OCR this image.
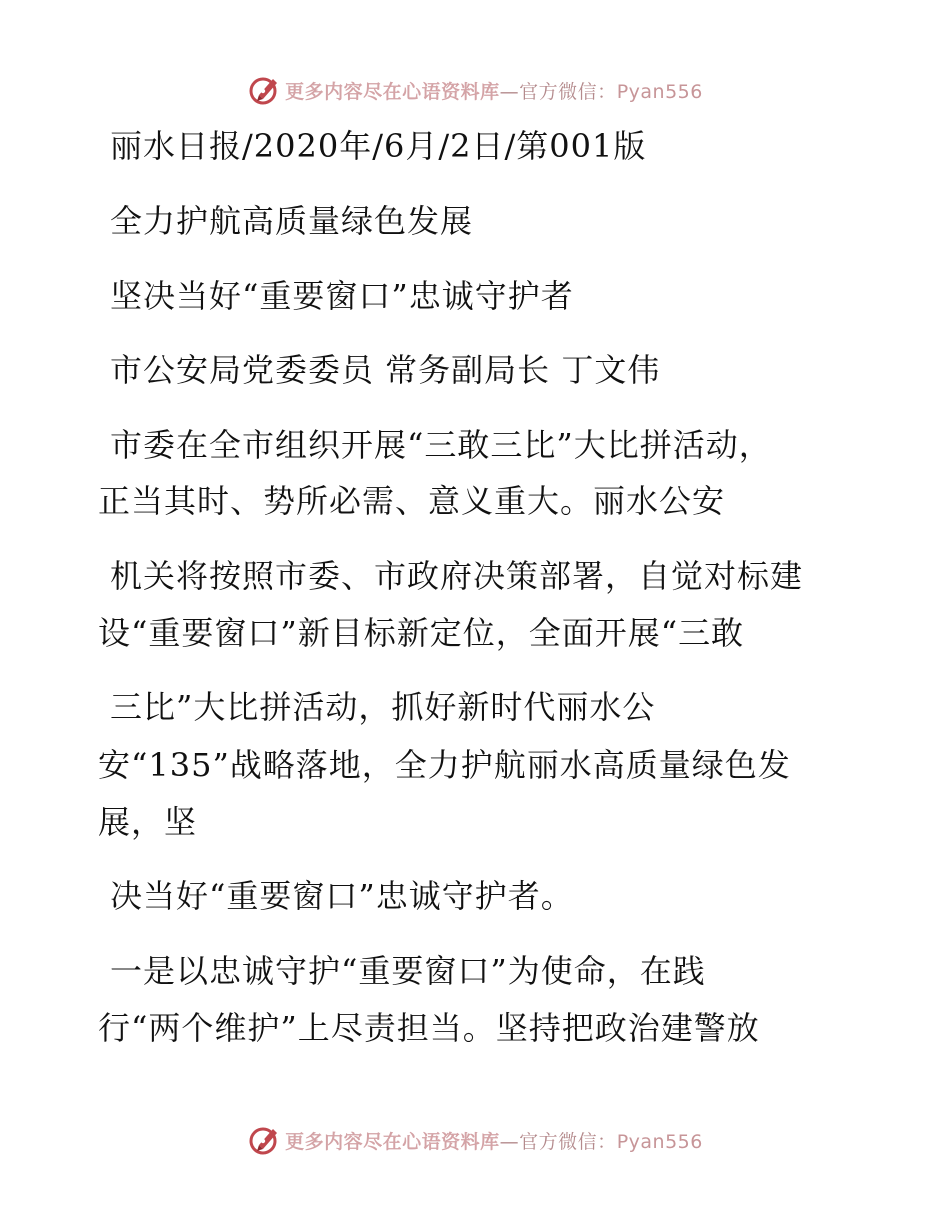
更多内容尽在心语资料库—官方微信：Pyan556
丽水日报/2020年/6月/2日/第001版
全力护航高质量绿色发展
坚决当好“重要窗口”忠诚守护者
市公安局党委委员 常务副局长 丁文伟
市委在全市组织开展“三敢三比”大比拼活动，
正当其时、势所必需、意义重大。丽水公安
机关将按照市委、市政府决策部署，自觉对标建
设“重要窗口”新目标新定位，全面开展“三敢
三比”大比拼活动，抓好新时代丽水公
安“135”战略落地，全力护航丽水高质量绿色发
展，坚
决当好“重要窗口”忠诚守护者。
一是以忠诚守护“重要窗口”为使命，在践
行“两个维护”上尽责担当。坚持把政治建警放
更多内容尽在心语资料库—官方微信：Pyan556
